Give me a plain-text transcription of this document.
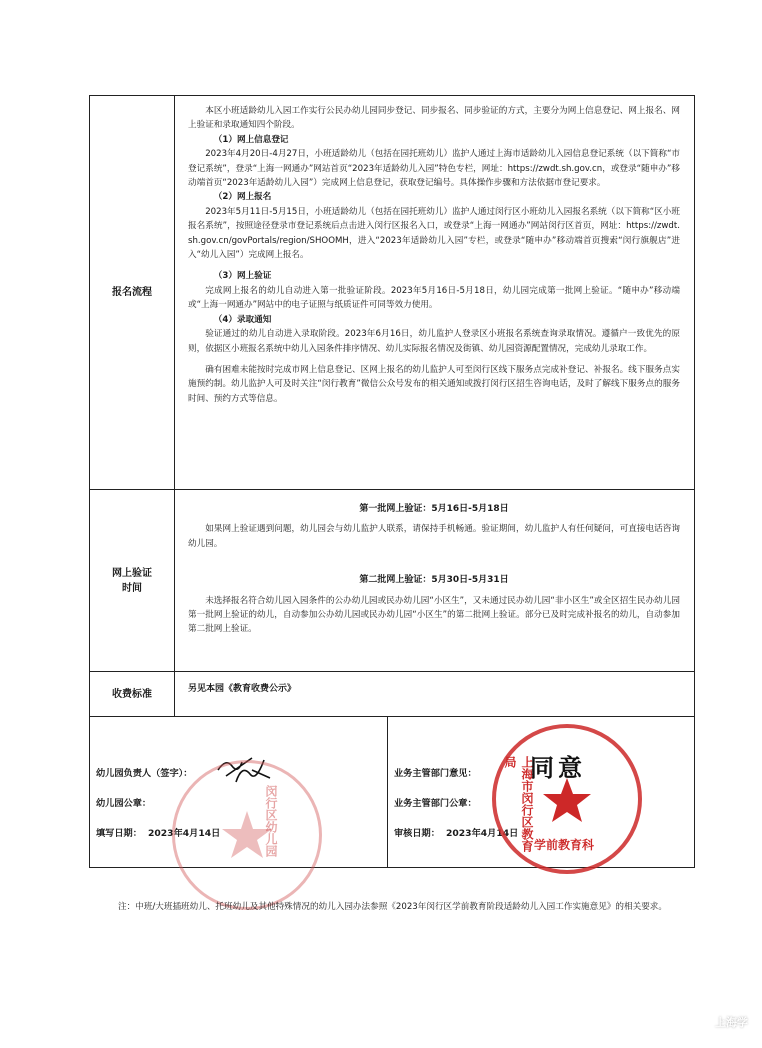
报名流程

本区小班适龄幼儿入园工作实行公民办幼儿园同步登记、同步报名、同步验证的方式，主要分为网上信息登记、网上报名、网上验证和录取通知四个阶段。

（1）网上信息登记

2023年4月20日-4月27日，小班适龄幼儿（包括在园托班幼儿）监护人通过上海市适龄幼儿入园信息登记系统（以下简称“市登记系统”，登录“上海一网通办”网站首页“2023年适龄幼儿入园”特色专栏，网址：https://zwdt.sh.gov.cn，或登录“随申办”移动端首页“2023年适龄幼儿入园”）完成网上信息登记，获取登记编号。具体操作步骤和方法依据市登记要求。

（2）网上报名

2023年5月11日-5月15日，小班适龄幼儿（包括在园托班幼儿）监护人通过闵行区小班幼儿入园报名系统（以下简称“区小班报名系统”，按照途径登录市登记系统后点击进入闵行区报名入口，或登录“上海一网通办”网站闵行区首页，网址：https://zwdt.sh.gov.cn/govPortals/region/SHOOMH，进入“2023年适龄幼儿入园”专栏，或登录“随申办”移动端首页搜索“闵行旗舰店”进入“幼儿入园”）完成网上报名。

（3）网上验证

完成网上报名的幼儿自动进入第一批验证阶段。2023年5月16日-5月18日，幼儿园完成第一批网上验证。“随申办”移动端或“上海一网通办”网站中的电子证照与纸质证件可同等效力使用。

（4）录取通知

验证通过的幼儿自动进入录取阶段。2023年6月16日，幼儿监护人登录区小班报名系统查询录取情况。遵循户一致优先的原则，依据区小班报名系统中幼儿入园条件排序情况、幼儿实际报名情况及街镇、幼儿园资源配置情况，完成幼儿录取工作。

确有困难未能按时完成市网上信息登记、区网上报名的幼儿监护人可至闵行区线下服务点完成补登记、补报名。线下服务点实施预约制。幼儿监护人可及时关注“闵行教育”微信公众号发布的相关通知或拨打闵行区招生咨询电话，及时了解线下服务点的服务时间、预约方式等信息。

网上验证
时间

第一批网上验证：5月16日-5月18日

如果网上验证遇到问题，幼儿园会与幼儿监护人联系，请保持手机畅通。验证期间，幼儿监护人有任何疑问，可直接电话咨询幼儿园。

第二批网上验证：5月30日-5月31日

未选择报名符合幼儿园入园条件的公办幼儿园或民办幼儿园“小区生”，又未通过民办幼儿园“非小区生”或全区招生民办幼儿园第一批网上验证的幼儿，自动参加公办幼儿园或民办幼儿园“小区生”的第二批网上验证。部分已及时完成补报名的幼儿，自动参加第二批网上验证。

收费标准	另见本园《教育收费公示》
幼儿园负责人（签字）：
幼儿园公章：
填写日期： 2023年4月14日
业务主管部门意见：
业务主管部门公章：
审核日期： 2023年4月14日
闵行区幼儿园	上海市闵行区教育局
学前教育科
同意

注：中班/大班插班幼儿、托班幼儿及其他特殊情况的幼儿入园办法参照《2023年闵行区学前教育阶段适龄幼儿入园工作实施意见》的相关要求。

上海学
